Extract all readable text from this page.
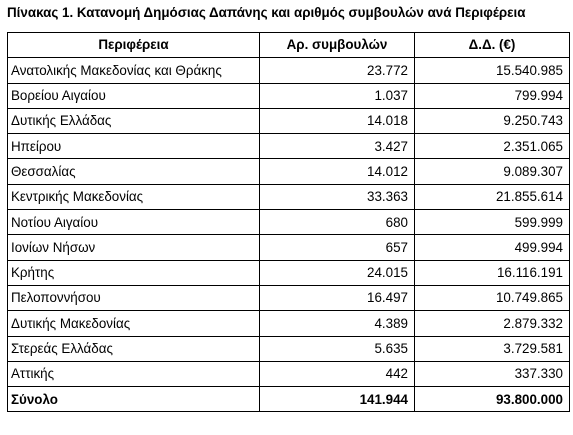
Πίνακας 1. Κατανομή Δημόσιας Δαπάνης και αριθμός συμβουλών ανά Περιφέρεια
Περιφέρεια	Αρ. συμβουλών	Δ.Δ. (€)
Ανατολικής Μακεδονίας και Θράκης	23.772	15.540.985
Βορείου Αιγαίου	1.037	799.994
Δυτικής Ελλάδας	14.018	9.250.743
Ηπείρου	3.427	2.351.065
Θεσσαλίας	14.012	9.089.307
Κεντρικής Μακεδονίας	33.363	21.855.614
Νοτίου Αιγαίου	680	599.999
Ιονίων Νήσων	657	499.994
Κρήτης	24.015	16.116.191
Πελοποννήσου	16.497	10.749.865
Δυτικής Μακεδονίας	4.389	2.879.332
Στερεάς Ελλάδας	5.635	3.729.581
Αττικής	442	337.330
Σύνολο	141.944	93.800.000
